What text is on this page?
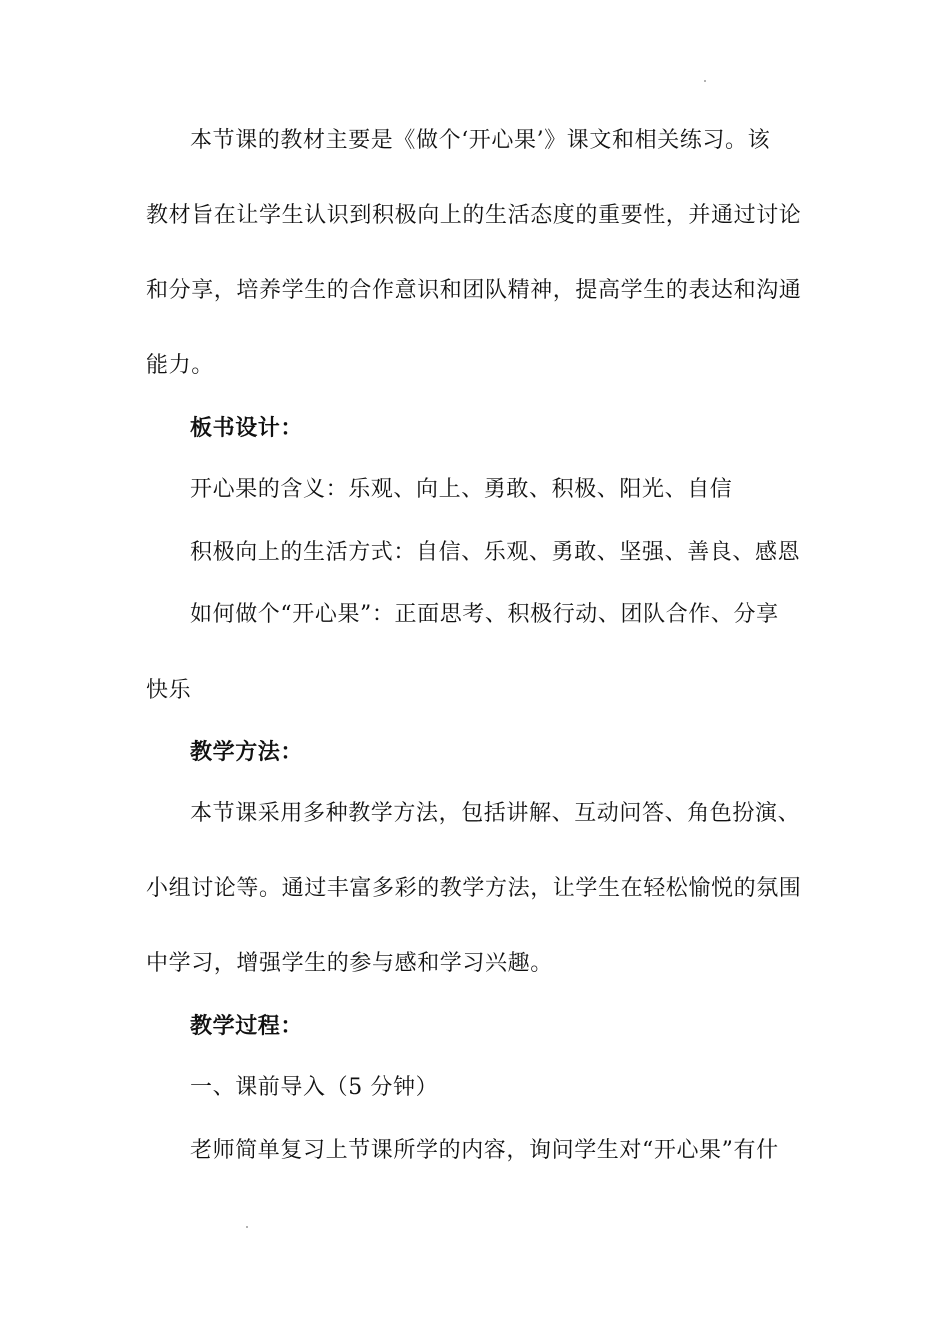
本节课的教材主要是《做个‘开心果’》课文和相关练习。该
教材旨在让学生认识到积极向上的生活态度的重要性，并通过讨论
和分享，培养学生的合作意识和团队精神，提高学生的表达和沟通
能力。
板书设计：
开心果的含义：乐观、向上、勇敢、积极、阳光、自信
积极向上的生活方式：自信、乐观、勇敢、坚强、善良、感恩
如何做个“开心果”：正面思考、积极行动、团队合作、分享
快乐
教学方法：
本节课采用多种教学方法，包括讲解、互动问答、角色扮演、
小组讨论等。通过丰富多彩的教学方法，让学生在轻松愉悦的氛围
中学习，增强学生的参与感和学习兴趣。
教学过程：
一、课前导入（5 分钟）
老师简单复习上节课所学的内容，询问学生对“开心果”有什
